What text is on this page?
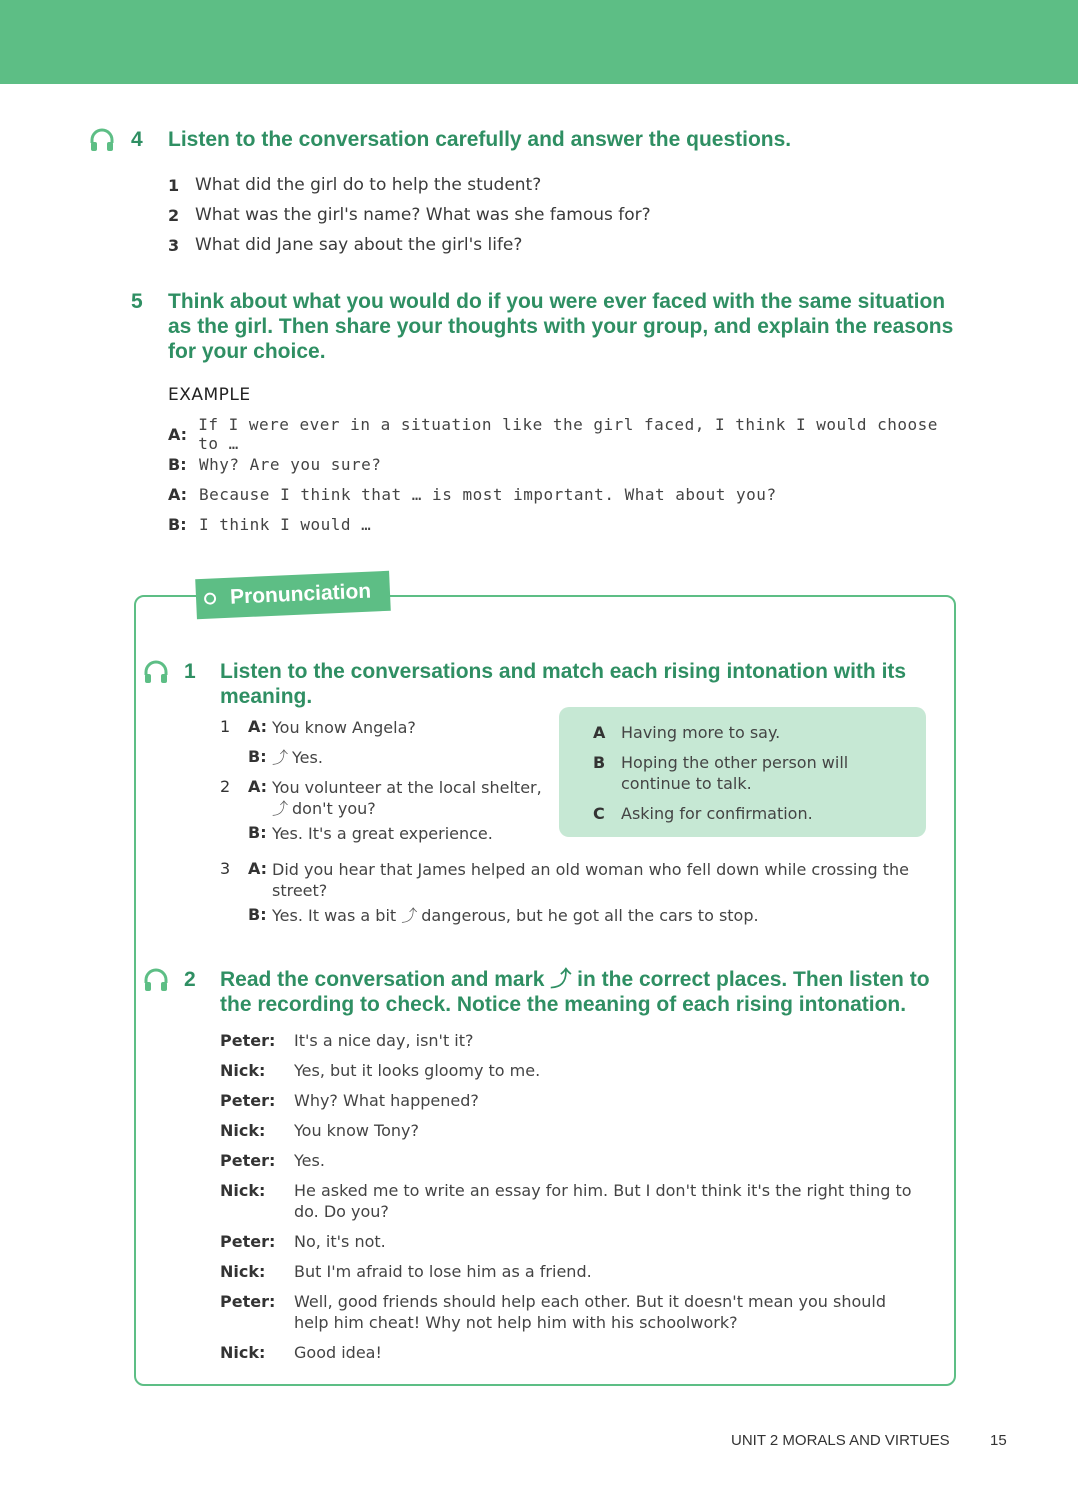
4 Listen to the conversation carefully and answer the questions.
1 What did the girl do to help the student?
2 What was the girl's name? What was she famous for?
3 What did Jane say about the girl's life?
5 Think about what you would do if you were ever faced with the same situation as the girl. Then share your thoughts with your group, and explain the reasons for your choice.
EXAMPLE
A: If I were ever in a situation like the girl faced, I think I would choose to …
B: Why? Are you sure?
A: Because I think that … is most important. What about you?
B: I think I would …
Pronunciation
1 Listen to the conversations and match each rising intonation with its meaning.
1	A: You know Angela?
B: ⤴ Yes.
2	A: You volunteer at the local shelter,
⤴ don't you?
B: Yes. It's a great experience.
3	A: Did you hear that James helped an old woman who fell down while crossing the street?
B: Yes. It was a bit ⤴ dangerous, but he got all the cars to stop.
A Having more to say.
B Hoping the other person will continue to talk.
C	Asking for confirmation.
2 Read the conversation and mark ⤴ in the correct places. Then listen to the recording to check. Notice the meaning of each rising intonation.
Peter:	It's a nice day, isn't it?
Nick:	Yes, but it looks gloomy to me.
Peter:	Why? What happened?
Nick:	You know Tony?
Peter:	Yes.
Nick:	He asked me to write an essay for him. But I don't think it's the right thing to do. Do you?
Peter:	No, it's not.
Nick:	But I'm afraid to lose him as a friend.
Peter:	Well, good friends should help each other. But it doesn't mean you should help him cheat! Why not help him with his schoolwork?
Nick:	Good idea!
UNIT 2 MORALS AND VIRTUES	15
